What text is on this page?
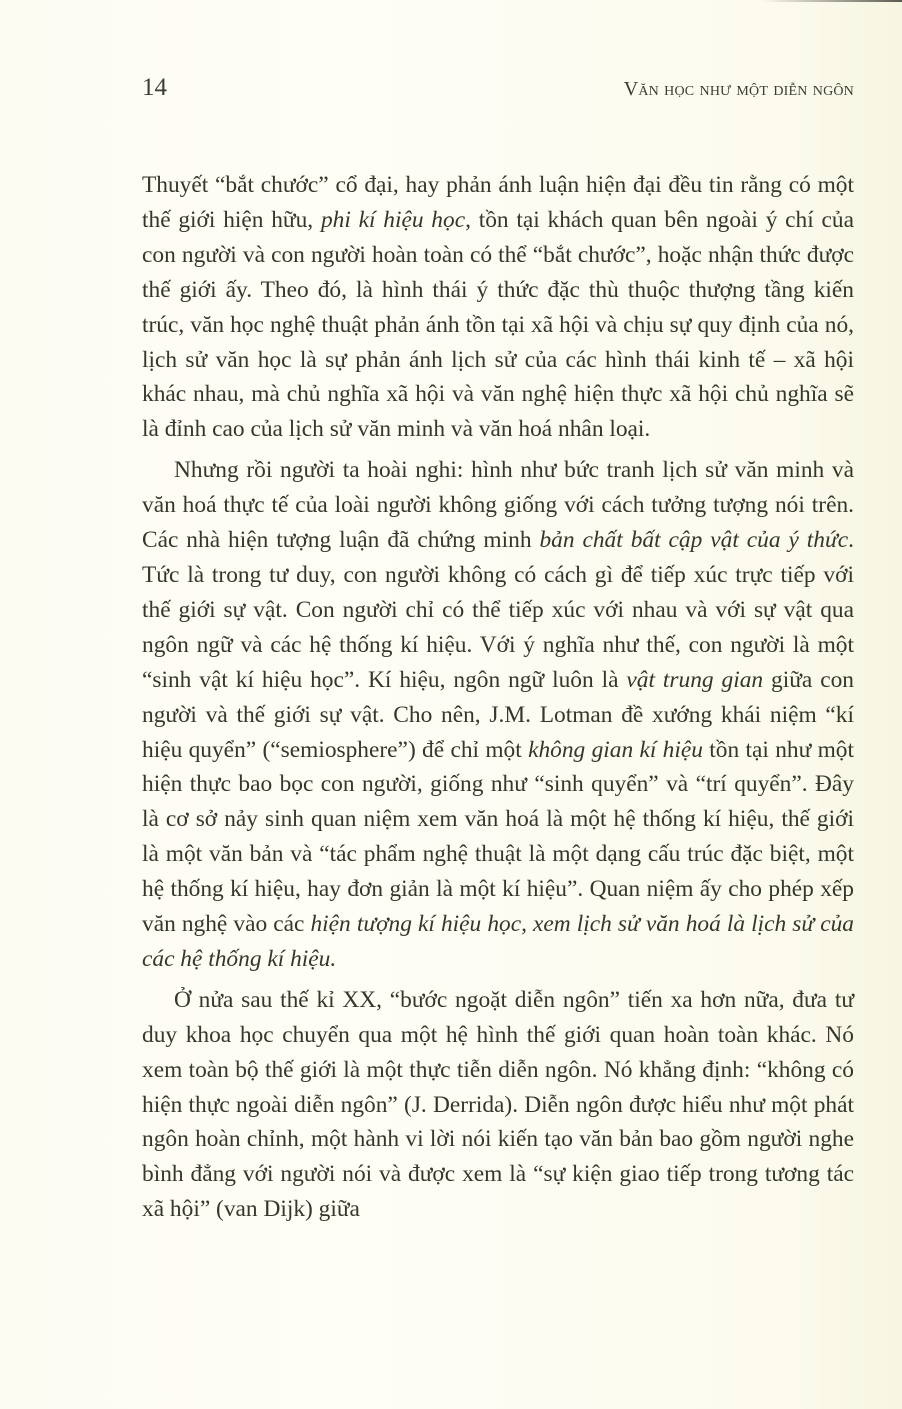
14	Văn học như một diễn ngôn

Thuyết “bắt chước” cổ đại, hay phản ánh luận hiện đại đều tin rằng có một thế giới hiện hữu, phi kí hiệu học, tồn tại khách quan bên ngoài ý chí của con người và con người hoàn toàn có thể “bắt chước”, hoặc nhận thức được thế giới ấy. Theo đó, là hình thái ý thức đặc thù thuộc thượng tầng kiến trúc, văn học nghệ thuật phản ánh tồn tại xã hội và chịu sự quy định của nó, lịch sử văn học là sự phản ánh lịch sử của các hình thái kinh tế – xã hội khác nhau, mà chủ nghĩa xã hội và văn nghệ hiện thực xã hội chủ nghĩa sẽ là đỉnh cao của lịch sử văn minh và văn hoá nhân loại.

Nhưng rồi người ta hoài nghi: hình như bức tranh lịch sử văn minh và văn hoá thực tế của loài người không giống với cách tưởng tượng nói trên. Các nhà hiện tượng luận đã chứng minh bản chất bất cập vật của ý thức. Tức là trong tư duy, con người không có cách gì để tiếp xúc trực tiếp với thế giới sự vật. Con người chỉ có thể tiếp xúc với nhau và với sự vật qua ngôn ngữ và các hệ thống kí hiệu. Với ý nghĩa như thế, con người là một “sinh vật kí hiệu học”. Kí hiệu, ngôn ngữ luôn là vật trung gian giữa con người và thế giới sự vật. Cho nên, J.M. Lotman đề xướng khái niệm “kí hiệu quyển” (“semiosphere”) để chỉ một không gian kí hiệu tồn tại như một hiện thực bao bọc con người, giống như “sinh quyển” và “trí quyển”. Đây là cơ sở nảy sinh quan niệm xem văn hoá là một hệ thống kí hiệu, thế giới là một văn bản và “tác phẩm nghệ thuật là một dạng cấu trúc đặc biệt, một hệ thống kí hiệu, hay đơn giản là một kí hiệu”. Quan niệm ấy cho phép xếp văn nghệ vào các hiện tượng kí hiệu học, xem lịch sử văn hoá là lịch sử của các hệ thống kí hiệu.

Ở nửa sau thế kỉ XX, “bước ngoặt diễn ngôn” tiến xa hơn nữa, đưa tư duy khoa học chuyển qua một hệ hình thế giới quan hoàn toàn khác. Nó xem toàn bộ thế giới là một thực tiễn diễn ngôn. Nó khẳng định: “không có hiện thực ngoài diễn ngôn” (J. Derrida). Diễn ngôn được hiểu như một phát ngôn hoàn chỉnh, một hành vi lời nói kiến tạo văn bản bao gồm người nghe bình đẳng với người nói và được xem là “sự kiện giao tiếp trong tương tác xã hội” (van Dijk) giữa
